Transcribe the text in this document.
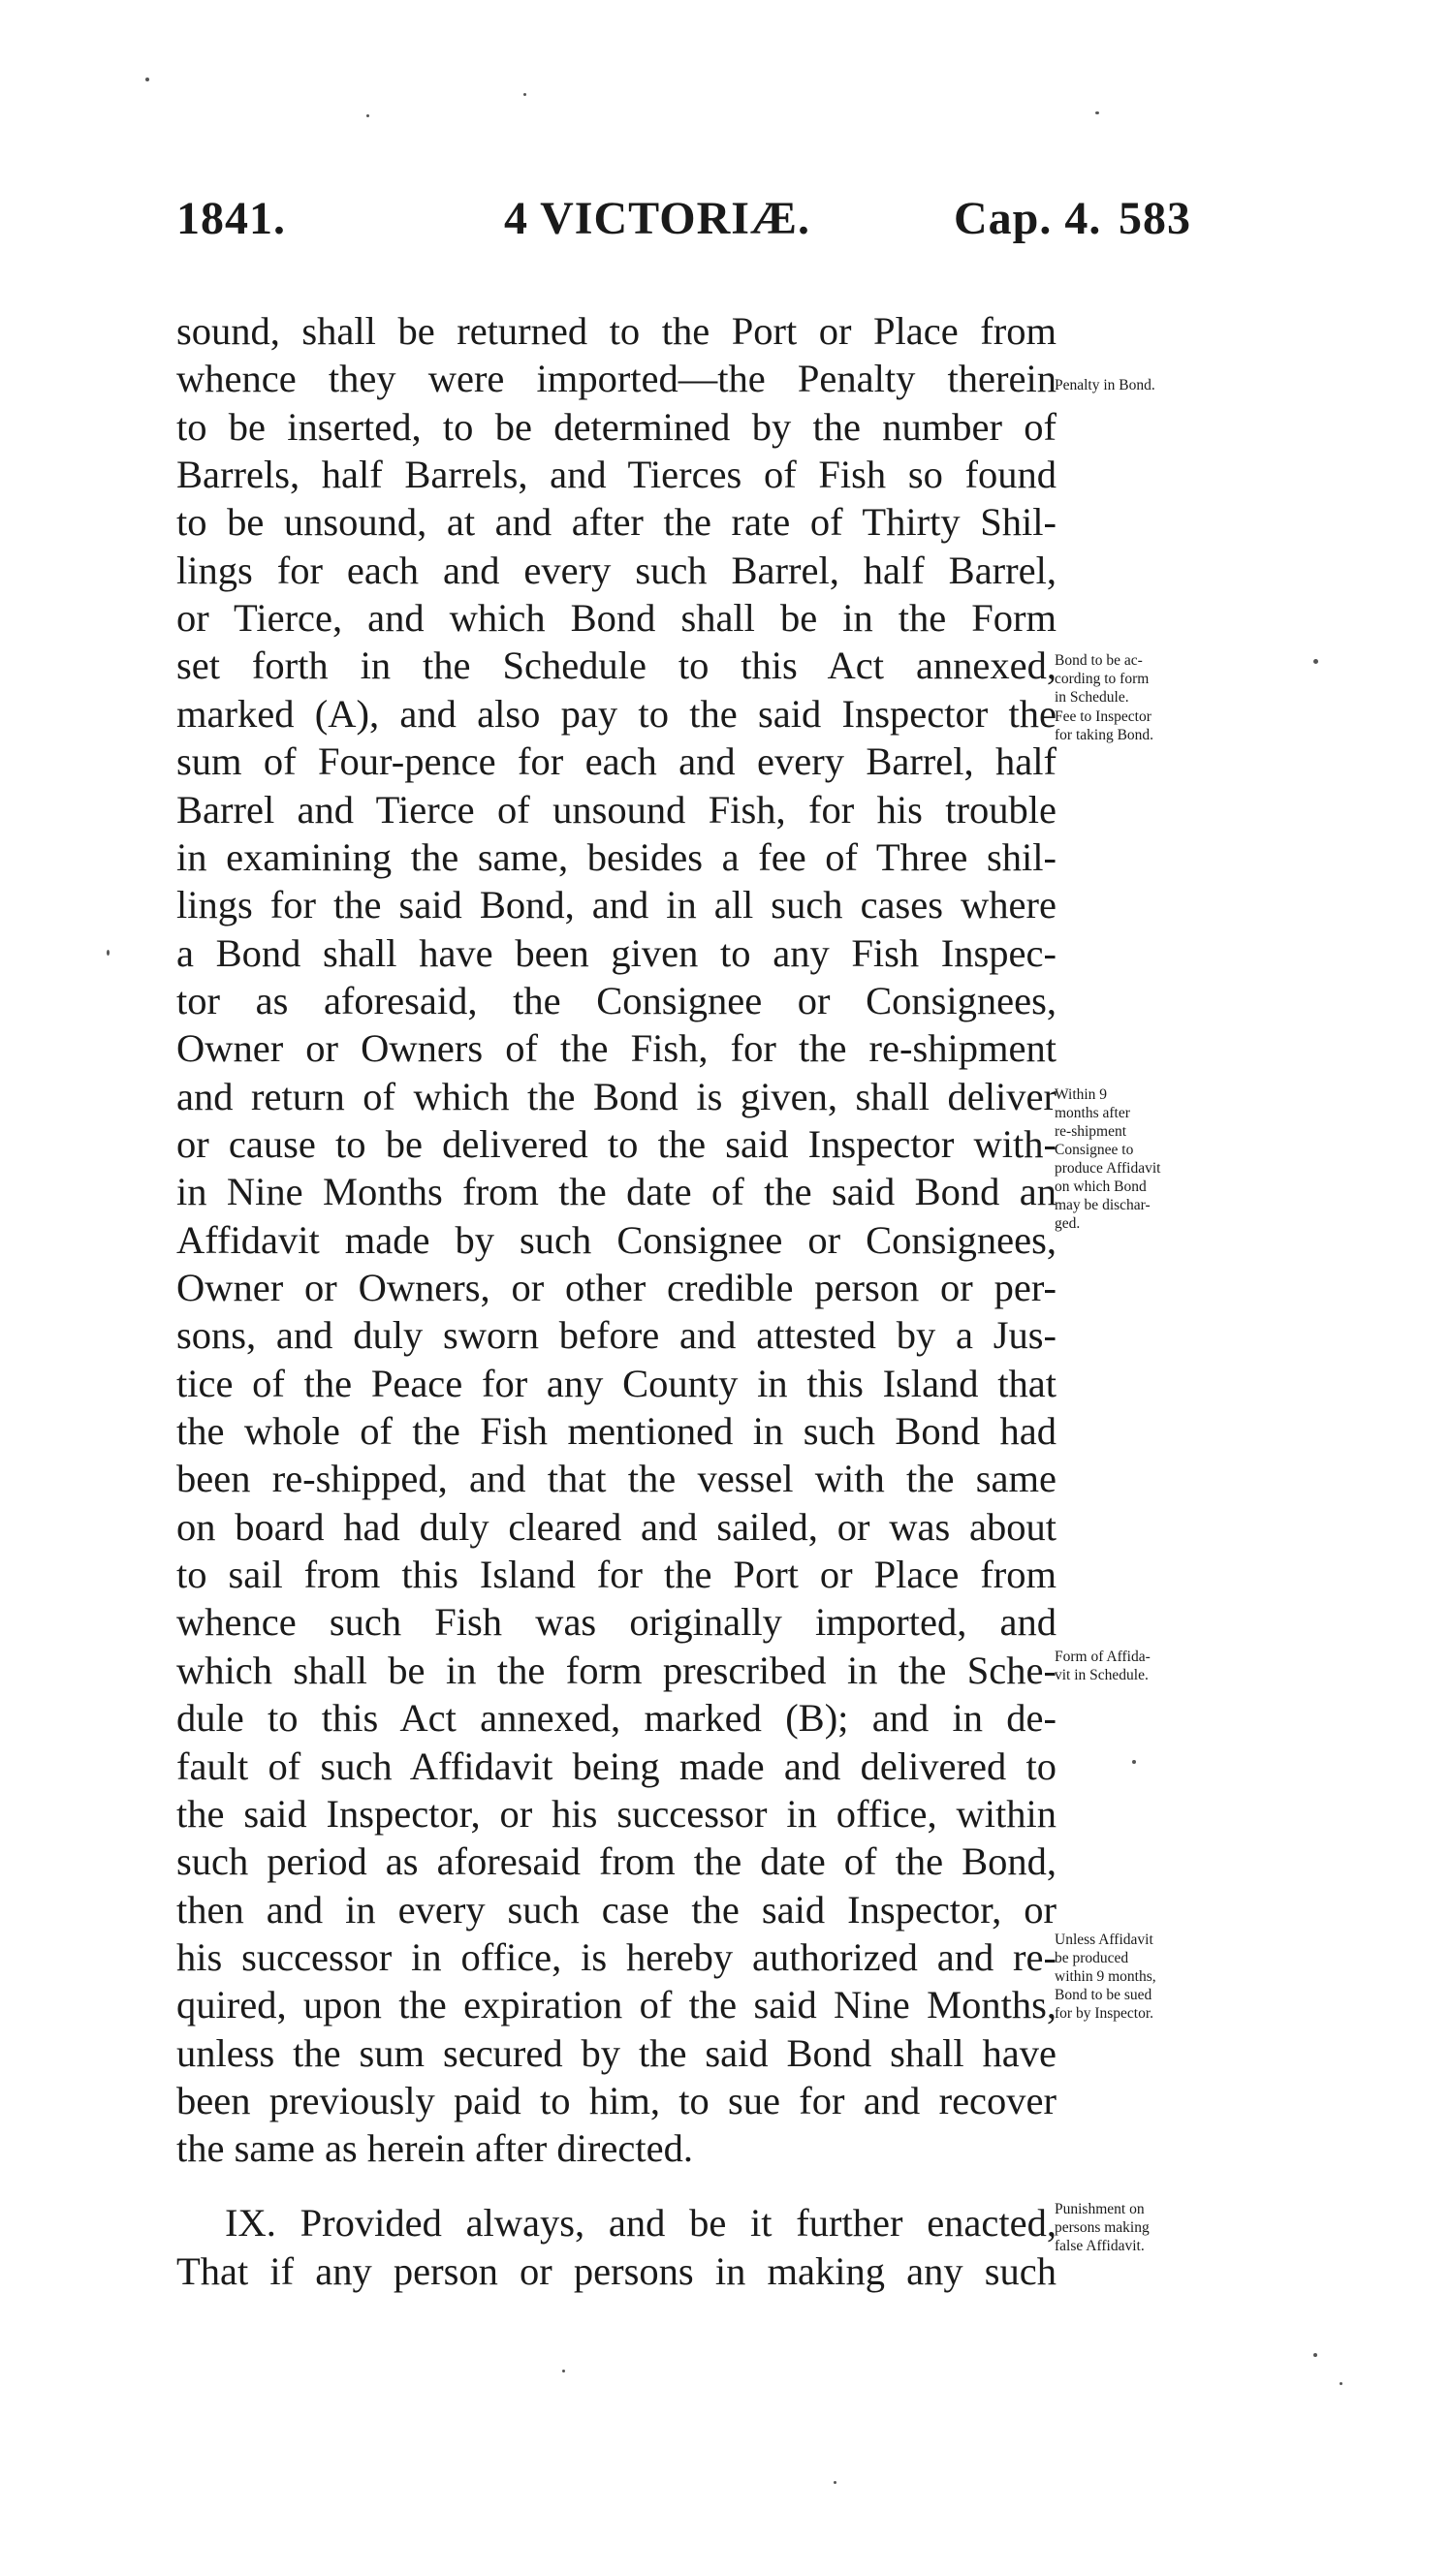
1841.	4 VICTORIÆ.	Cap. 4. 583
sound, shall be returned to the Port or Place from
whence they were imported—the Penalty therein
to be inserted, to be determined by the number of
Barrels, half Barrels, and Tierces of Fish so found
to be unsound, at and after the rate of Thirty Shil-
lings for each and every such Barrel, half Barrel,
or Tierce, and which Bond shall be in the Form
set forth in the Schedule to this Act annexed,
marked (A), and also pay to the said Inspector the
sum of Four-pence for each and every Barrel, half
Barrel and Tierce of unsound Fish, for his trouble
in examining the same, besides a fee of Three shil-
lings for the said Bond, and in all such cases where
a Bond shall have been given to any Fish Inspec-
tor as aforesaid, the Consignee or Consignees,
Owner or Owners of the Fish, for the re-shipment
and return of which the Bond is given, shall deliver
or cause to be delivered to the said Inspector with-
in Nine Months from the date of the said Bond an
Affidavit made by such Consignee or Consignees,
Owner or Owners, or other credible person or per-
sons, and duly sworn before and attested by a Jus-
tice of the Peace for any County in this Island that
the whole of the Fish mentioned in such Bond had
been re-shipped, and that the vessel with the same
on board had duly cleared and sailed, or was about
to sail from this Island for the Port or Place from
whence such Fish was originally imported, and
which shall be in the form prescribed in the Sche-
dule to this Act annexed, marked (B); and in de-
fault of such Affidavit being made and delivered to
the said Inspector, or his successor in office, within
such period as aforesaid from the date of the Bond,
then and in every such case the said Inspector, or
his successor in office, is hereby authorized and re-
quired, upon the expiration of the said Nine Months,
unless the sum secured by the said Bond shall have
been previously paid to him, to sue for and recover
the same as herein after directed.
IX. Provided always, and be it further enacted,
That if any person or persons in making any such
Penalty in Bond.
Bond to be ac-
cording to form
in Schedule.
Fee to Inspector
for taking Bond.
Within 9
months after
re-shipment
Consignee to
produce Affidavit
on which Bond
may be dischar-
ged.
Form of Affida-
vit in Schedule.
Unless Affidavit
be produced
within 9 months,
Bond to be sued
for by Inspector.
Punishment on
persons making
false Affidavit.
